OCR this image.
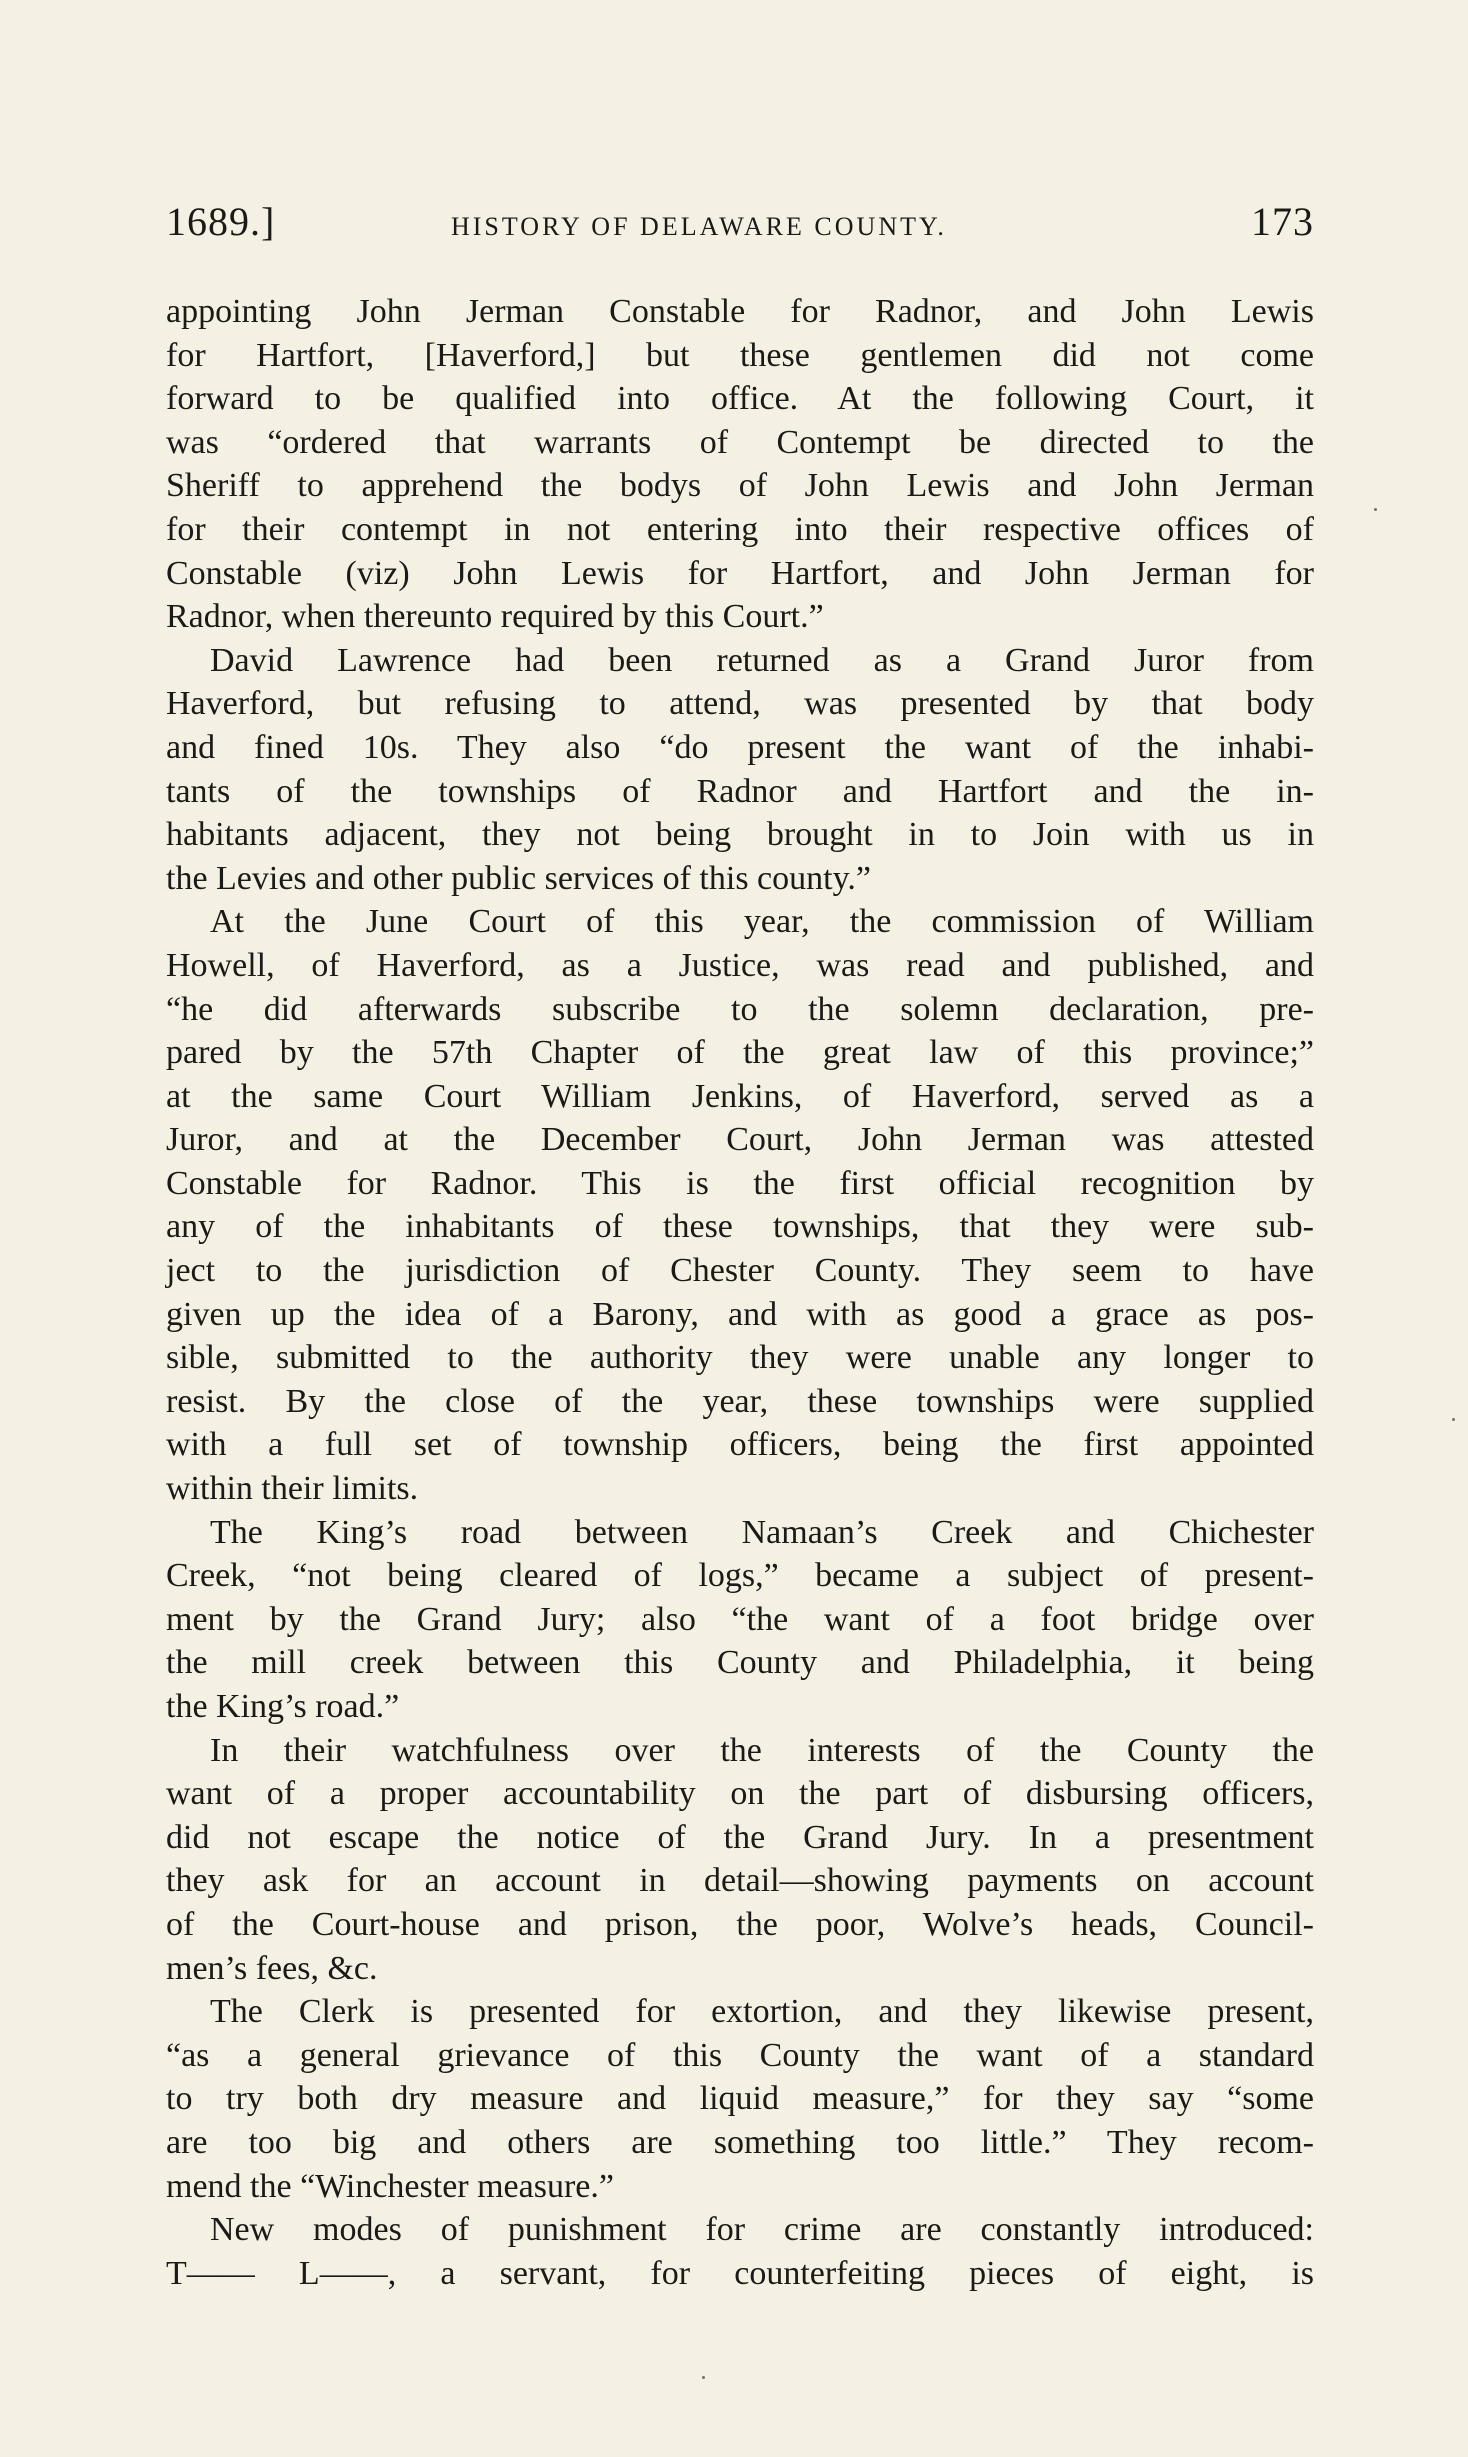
1689.]	HISTORY OF DELAWARE COUNTY.	173
appointing John Jerman Constable for Radnor, and John Lewis
for Hartfort, [Haverford,] but these gentlemen did not come
forward to be qualified into office. At the following Court, it
was “ordered that warrants of Contempt be directed to the
Sheriff to apprehend the bodys of John Lewis and John Jerman
for their contempt in not entering into their respective offices of
Constable (viz) John Lewis for Hartfort, and John Jerman for
Radnor, when thereunto required by this Court.”
David Lawrence had been returned as a Grand Juror from
Haverford, but refusing to attend, was presented by that body
and fined 10s. They also “do present the want of the inhabi-
tants of the townships of Radnor and Hartfort and the in-
habitants adjacent, they not being brought in to Join with us in
the Levies and other public services of this county.”
At the June Court of this year, the commission of William
Howell, of Haverford, as a Justice, was read and published, and
“he did afterwards subscribe to the solemn declaration, pre-
pared by the 57th Chapter of the great law of this province;”
at the same Court William Jenkins, of Haverford, served as a
Juror, and at the December Court, John Jerman was attested
Constable for Radnor. This is the first official recognition by
any of the inhabitants of these townships, that they were sub-
ject to the jurisdiction of Chester County. They seem to have
given up the idea of a Barony, and with as good a grace as pos-
sible, submitted to the authority they were unable any longer to
resist. By the close of the year, these townships were supplied
with a full set of township officers, being the first appointed
within their limits.
The King’s road between Namaan’s Creek and Chichester
Creek, “not being cleared of logs,” became a subject of present-
ment by the Grand Jury; also “the want of a foot bridge over
the mill creek between this County and Philadelphia, it being
the King’s road.”
In their watchfulness over the interests of the County the
want of a proper accountability on the part of disbursing officers,
did not escape the notice of the Grand Jury. In a presentment
they ask for an account in detail—showing payments on account
of the Court-house and prison, the poor, Wolve’s heads, Council-
men’s fees, &c.
The Clerk is presented for extortion, and they likewise present,
“as a general grievance of this County the want of a standard
to try both dry measure and liquid measure,” for they say “some
are too big and others are something too little.” They recom-
mend the “Winchester measure.”
New modes of punishment for crime are constantly introduced:
T—— L——, a servant, for counterfeiting pieces of eight, is
